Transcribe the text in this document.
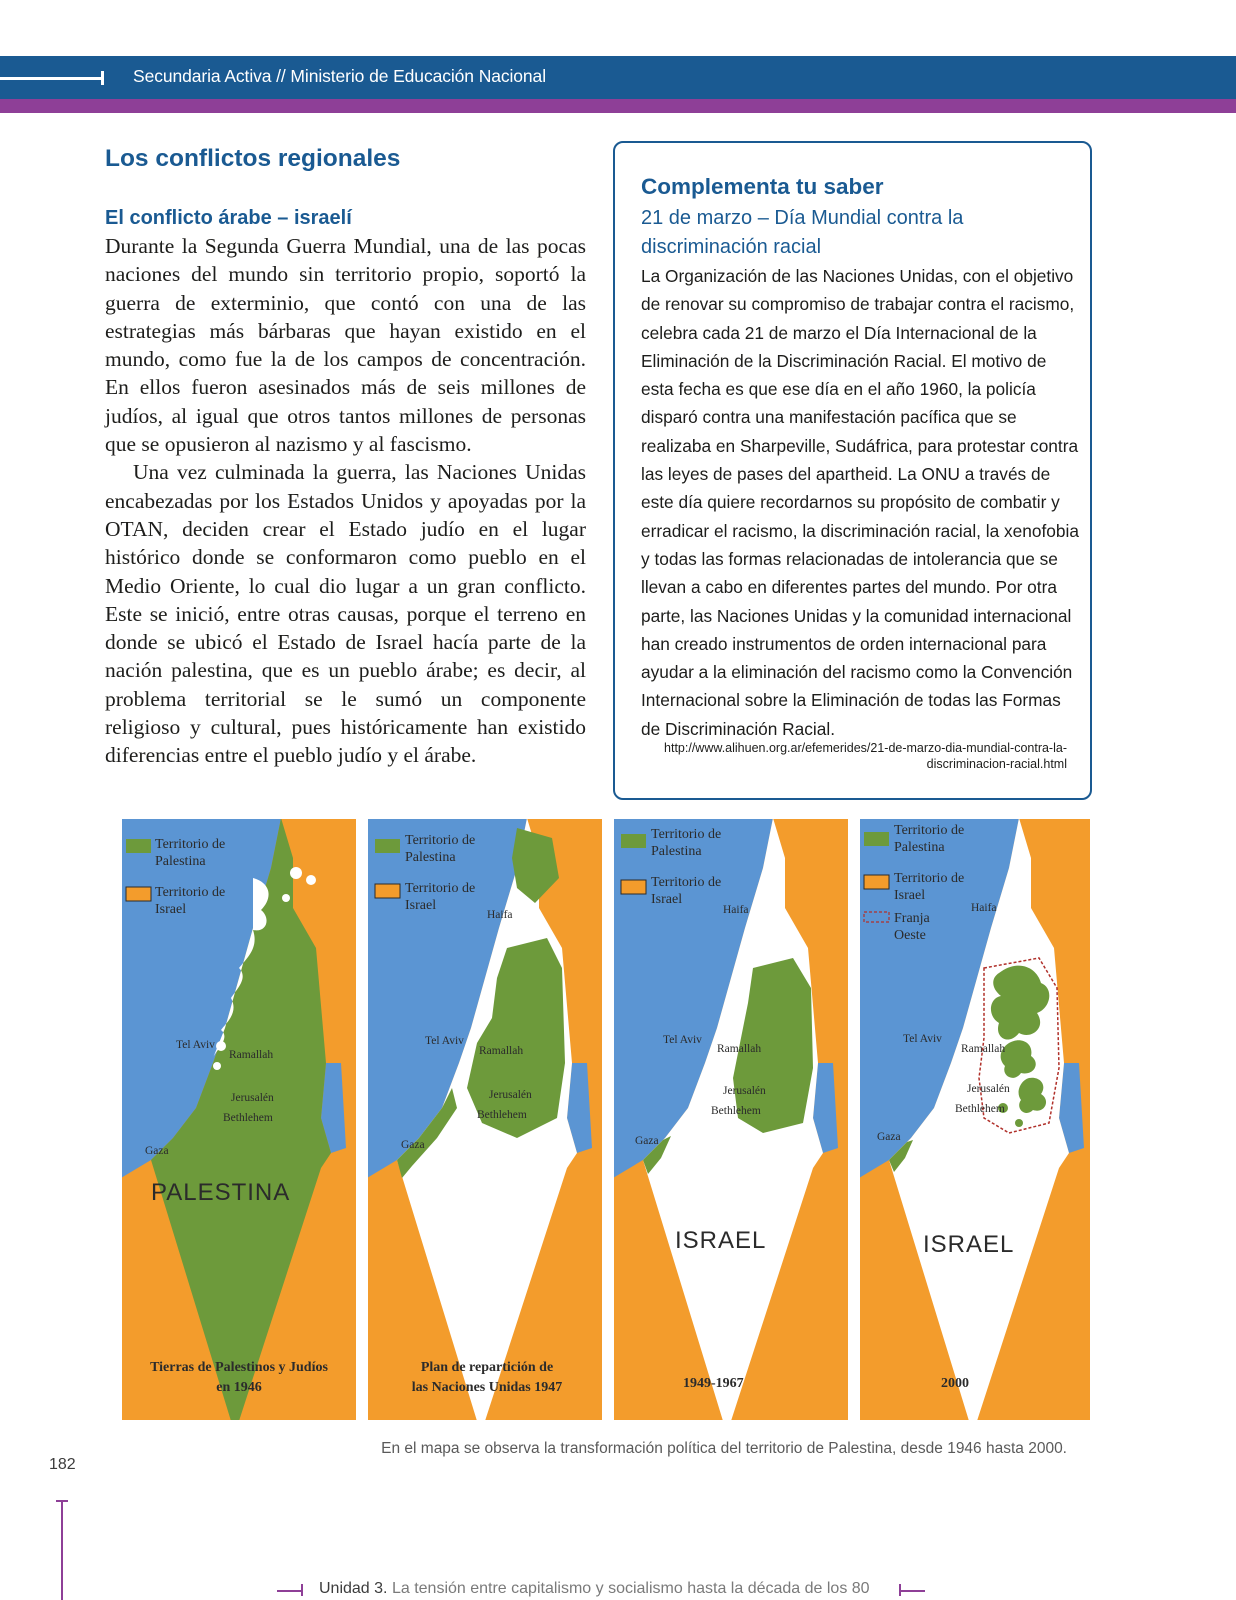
Secundaria Activa // Ministerio de Educación Nacional
Los conflictos regionales
El conflicto árabe – israelí

Durante la Segunda Guerra Mundial, una de las pocas naciones del mundo sin territorio propio, soportó la guerra de exterminio, que contó con una de las estrategias más bárbaras que hayan existido en el mundo, como fue la de los campos de concentración. En ellos fueron asesinados más de seis millones de judíos, al igual que otros tantos millones de personas que se opusieron al nazismo y al fascismo.

Una vez culminada la guerra, las Naciones Unidas encabezadas por los Estados Unidos y apoyadas por la OTAN, deciden crear el Estado judío en el lugar histórico donde se conformaron como pueblo en el Medio Oriente, lo cual dio lugar a un gran conflicto. Este se inició, entre otras causas, porque el terreno en donde se ubicó el Estado de Israel hacía parte de la nación palestina, que es un pueblo árabe; es decir, al problema territorial se le sumó un componente religioso y cultural, pues históricamente han existido diferencias entre el pueblo judío y el árabe.

Complementa tu saber

21 de marzo – Día Mundial contra la discriminación racial

La Organización de las Naciones Unidas, con el objetivo de renovar su compromiso de trabajar contra el racismo, celebra cada 21 de marzo el Día Internacional de la Eliminación de la Discriminación Racial. El motivo de esta fecha es que ese día en el año 1960, la policía disparó contra una manifestación pacífica que se realizaba en Sharpeville, Sudáfrica, para protestar contra las leyes de pases del apartheid. La ONU a través de este día quiere recordarnos su propósito de combatir y erradicar el racismo, la discriminación racial, la xenofobia y todas las formas relacionadas de intolerancia que se llevan a cabo en diferentes partes del mundo. Por otra parte, las Naciones Unidas y la comunidad internacional han creado instrumentos de orden internacional para ayudar a la eliminación del racismo como la Convención Internacional sobre la Eliminación de todas las Formas de Discriminación Racial.

http://www.alihuen.org.ar/efemerides/21-de-marzo-dia-mundial-contra-la-discriminacion-racial.html

Territorio de Palestina
Territorio de Israel
Tel Aviv
Ramallah
Jerusalén
Bethlehem
Gaza
PALESTINA
Tierras de Palestinos y Judíos
en 1946
Territorio de Palestina
Territorio de Israel
Haifa
Tel Aviv
Ramallah
Jerusalén
Bethlehem
Gaza
Plan de repartición de
las Naciones Unidas 1947
Territorio de Palestina
Territorio de Israel
Haifa
Tel Aviv
Ramallah
Jerusalén
Bethlehem
Gaza
ISRAEL
1949-1967
Territorio de Palestina
Territorio de Israel
Franja Oeste
Haifa
Tel Aviv
Ramallah
Jerusalén
Bethlehem
Gaza
ISRAEL
2000

En el mapa se observa la transformación política del territorio de Palestina, desde 1946 hasta 2000.

182

Unidad 3. La tensión entre capitalismo y socialismo hasta la década de los 80
